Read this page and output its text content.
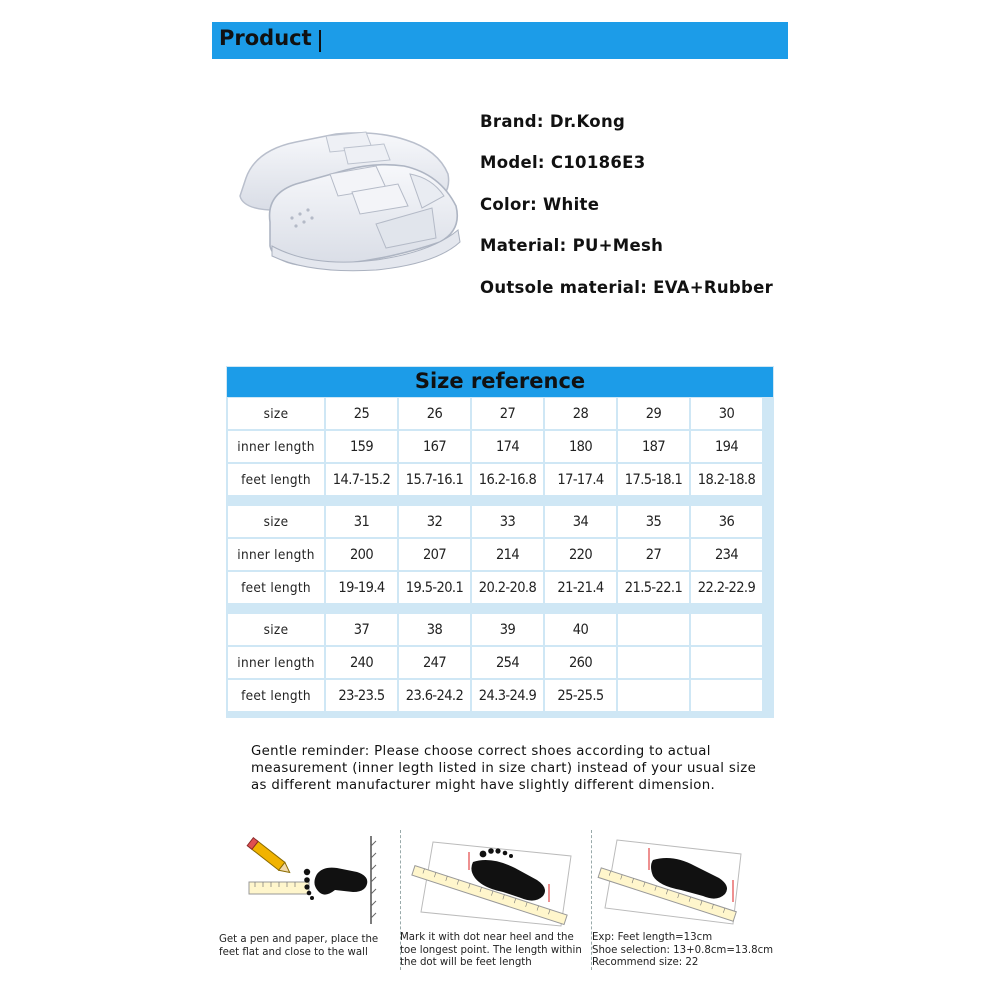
Product
Brand: Dr.Kong
Model: C10186E3
Color: White
Material: PU+Mesh
Outsole material: EVA+Rubber
Size reference
size	25	26	27	28	29	30
inner length	159	167	174	180	187	194
feet length	14.7-15.2	15.7-16.1	16.2-16.8	17-17.4	17.5-18.1	18.2-18.8
size	31	32	33	34	35	36
inner length	200	207	214	220	27	234
feet length	19-19.4	19.5-20.1	20.2-20.8	21-21.4	21.5-22.1	22.2-22.9
size	37	38	39	40		
inner length	240	247	254	260		
feet length	23-23.5	23.6-24.2	24.3-24.9	25-25.5		
Gentle reminder: Please choose correct shoes according to actual measurement (inner legth listed in size chart) instead of your usual size as different manufacturer might have slightly different dimension.
Get a pen and paper, place the feet flat and close to the wall
Mark it with dot near heel and the toe longest point. The length within the dot will be feet length
Exp: Feet length=13cm
Shoe selection: 13+0.8cm=13.8cm
Recommend size: 22
